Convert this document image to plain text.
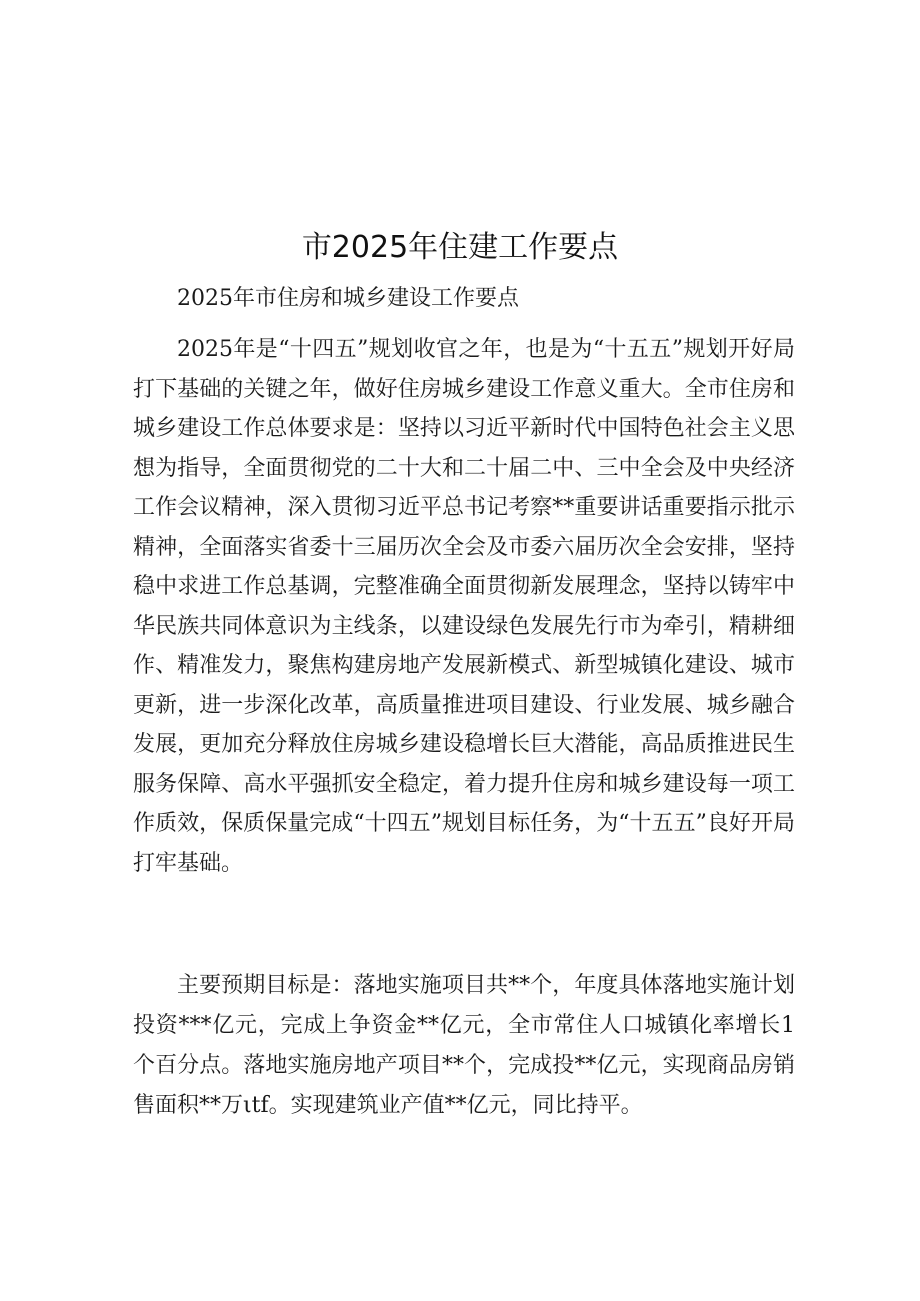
市2025年住建工作要点
2025年市住房和城乡建设工作要点
2025年是“十四五”规划收官之年，也是为“十五五”规划开好局打下基础的关键之年，做好住房城乡建设工作意义重大。全市住房和城乡建设工作总体要求是：坚持以习近平新时代中国特色社会主义思想为指导，全面贯彻党的二十大和二十届二中、三中全会及中央经济工作会议精神，深入贯彻习近平总书记考察**重要讲话重要指示批示精神，全面落实省委十三届历次全会及市委六届历次全会安排，坚持稳中求进工作总基调，完整准确全面贯彻新发展理念，坚持以铸牢中华民族共同体意识为主线条，以建设绿色发展先行市为牵引，精耕细作、精准发力，聚焦构建房地产发展新模式、新型城镇化建设、城市更新，进一步深化改革，高质量推进项目建设、行业发展、城乡融合发展，更加充分释放住房城乡建设稳增长巨大潜能，高品质推进民生服务保障、高水平强抓安全稳定，着力提升住房和城乡建设每一项工作质效，保质保量完成“十四五”规划目标任务，为“十五五”良好开局打牢基础。
主要预期目标是：落地实施项目共**个，年度具体落地实施计划投资***亿元，完成上争资金**亿元，全市常住人口城镇化率增长1个百分点。落地实施房地产项目**个，完成投**亿元，实现商品房销售面积**万ιtf。实现建筑业产值**亿元，同比持平。
